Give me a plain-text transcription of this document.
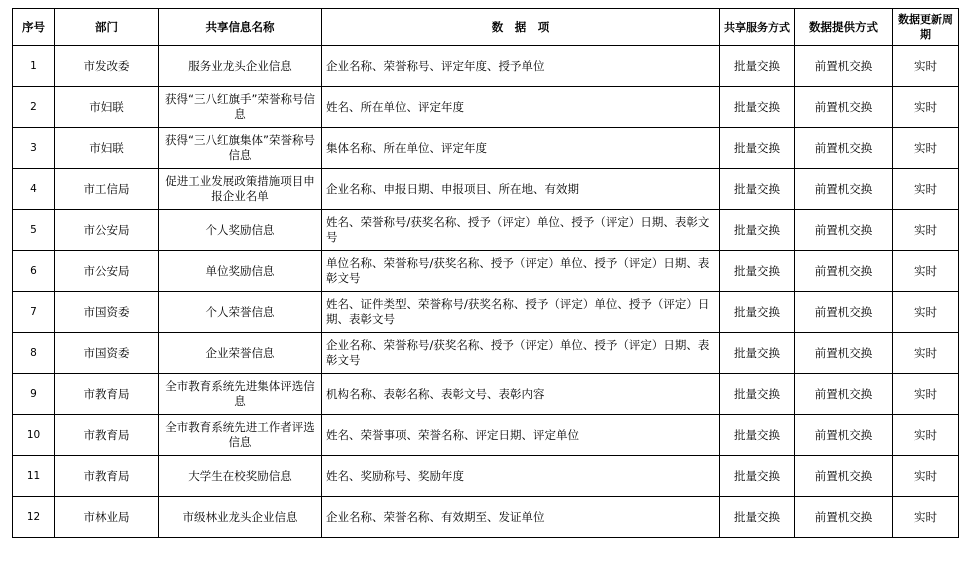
序号	部门	共享信息名称	数　据　项	共享服务方式	数据提供方式	数据更新周期
1	市发改委	服务业龙头企业信息	企业名称、荣誉称号、评定年度、授予单位	批量交换	前置机交换	实时
2	市妇联	获得“三八红旗手”荣誉称号信息	姓名、所在单位、评定年度	批量交换	前置机交换	实时
3	市妇联	获得“三八红旗集体”荣誉称号信息	集体名称、所在单位、评定年度	批量交换	前置机交换	实时
4	市工信局	促进工业发展政策措施项目申报企业名单	企业名称、申报日期、申报项目、所在地、有效期	批量交换	前置机交换	实时
5	市公安局	个人奖励信息	姓名、荣誉称号/获奖名称、授予（评定）单位、授予（评定）日期、表彰文号	批量交换	前置机交换	实时
6	市公安局	单位奖励信息	单位名称、荣誉称号/获奖名称、授予（评定）单位、授予（评定）日期、表彰文号	批量交换	前置机交换	实时
7	市国资委	个人荣誉信息	姓名、证件类型、荣誉称号/获奖名称、授予（评定）单位、授予（评定）日期、表彰文号	批量交换	前置机交换	实时
8	市国资委	企业荣誉信息	企业名称、荣誉称号/获奖名称、授予（评定）单位、授予（评定）日期、表彰文号	批量交换	前置机交换	实时
9	市教育局	全市教育系统先进集体评选信息	机构名称、表彰名称、表彰文号、表彰内容	批量交换	前置机交换	实时
10	市教育局	全市教育系统先进工作者评选信息	姓名、荣誉事项、荣誉名称、评定日期、评定单位	批量交换	前置机交换	实时
11	市教育局	大学生在校奖励信息	姓名、奖励称号、奖励年度	批量交换	前置机交换	实时
12	市林业局	市级林业龙头企业信息	企业名称、荣誉名称、有效期至、发证单位	批量交换	前置机交换	实时
